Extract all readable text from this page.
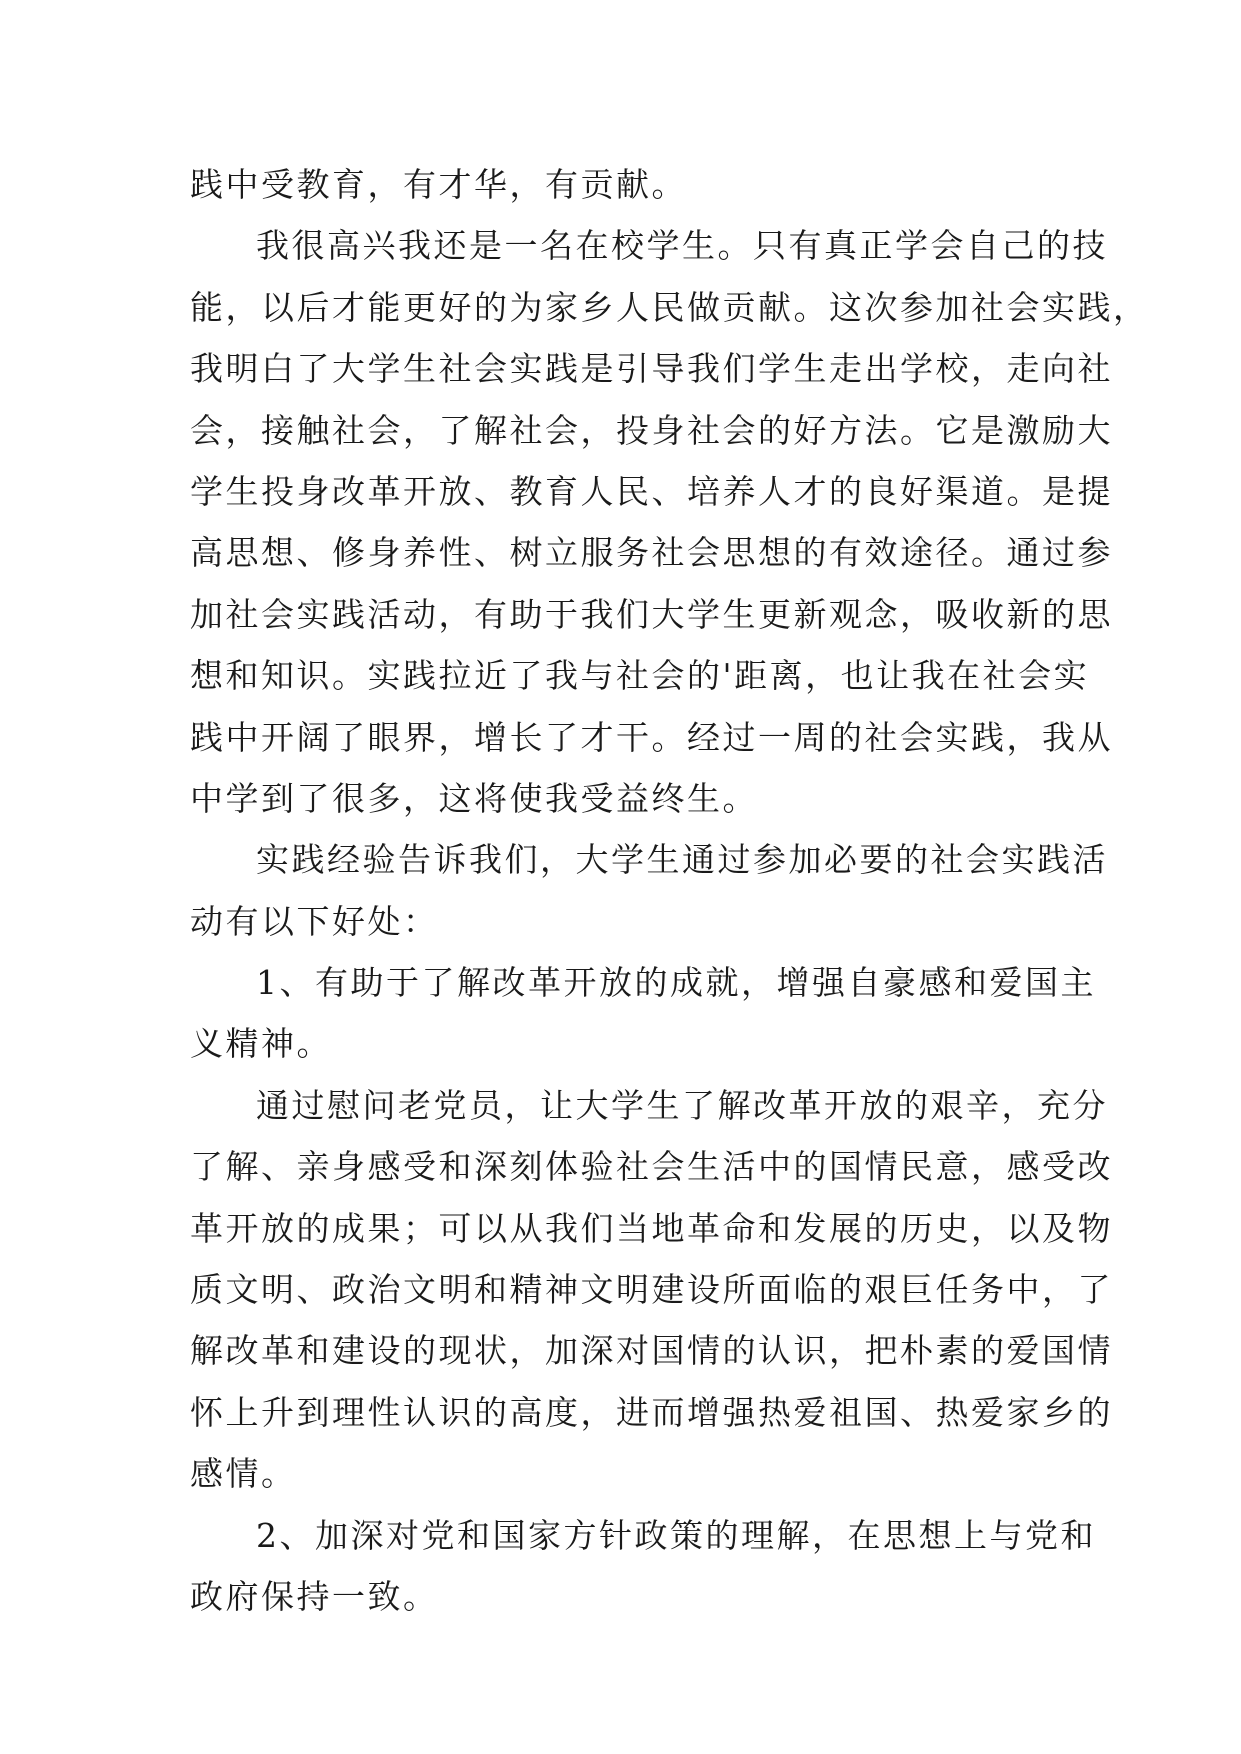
践中受教育，有才华，有贡献。
我很高兴我还是一名在校学生。只有真正学会自己的技
能，以后才能更好的为家乡人民做贡献。这次参加社会实践，
我明白了大学生社会实践是引导我们学生走出学校，走向社
会，接触社会，了解社会，投身社会的好方法。它是激励大
学生投身改革开放、教育人民、培养人才的良好渠道。是提
高思想、修身养性、树立服务社会思想的有效途径。通过参
加社会实践活动，有助于我们大学生更新观念，吸收新的思
想和知识。实践拉近了我与社会的'距离，也让我在社会实
践中开阔了眼界，增长了才干。经过一周的社会实践，我从
中学到了很多，这将使我受益终生。
实践经验告诉我们，大学生通过参加必要的社会实践活
动有以下好处：
1、有助于了解改革开放的成就，增强自豪感和爱国主
义精神。
通过慰问老党员，让大学生了解改革开放的艰辛，充分
了解、亲身感受和深刻体验社会生活中的国情民意，感受改
革开放的成果；可以从我们当地革命和发展的历史，以及物
质文明、政治文明和精神文明建设所面临的艰巨任务中，了
解改革和建设的现状，加深对国情的认识，把朴素的爱国情
怀上升到理性认识的高度，进而增强热爱祖国、热爱家乡的
感情。
2、加深对党和国家方针政策的理解，在思想上与党和
政府保持一致。
